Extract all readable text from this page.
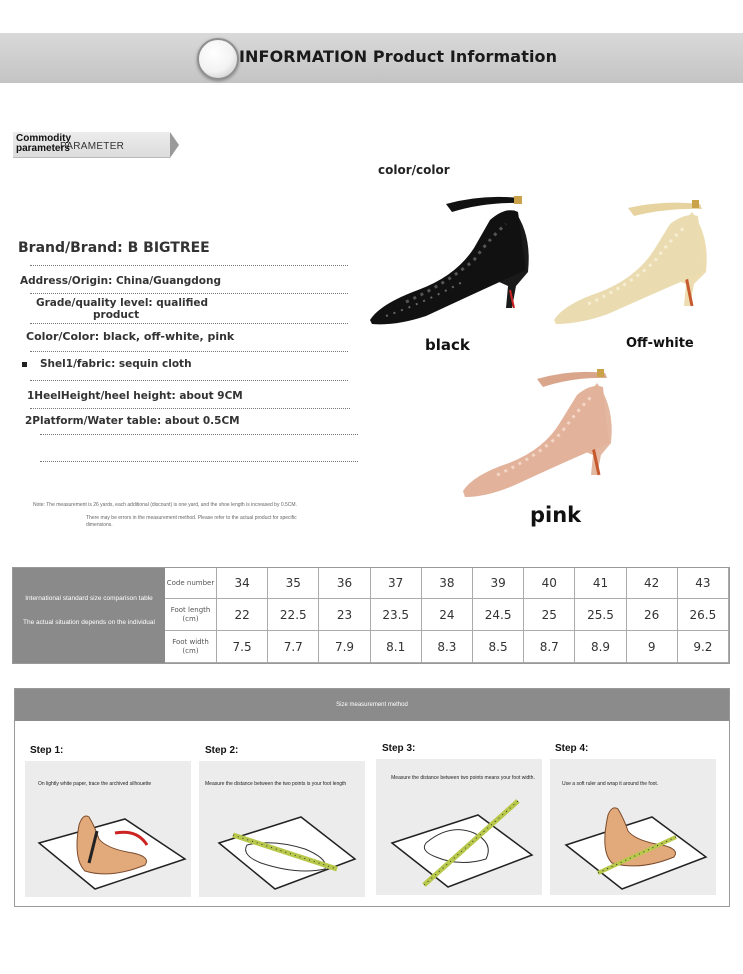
INFORMATION Product Information
PARAMETER
Commodity parameters
Brand/Brand: B BIGTREE
Address/Origin: China/Guangdong
Grade/quality level: qualified
product
Color/Color: black, off-white, pink
Shel1/fabric: sequin cloth
1HeelHeight/heel height: about 9CM
2Platform/Water table: about 0.5CM
Note: The measurement is 26 yards, each additional (discount) is one yard, and the shoe length is increased by 0.5CM.
There may be errors in the measurement method. Please refer to the actual product for specific dimensions.
color/color
black	Off-white
pink
International standard size comparison table
The actual situation depends on the individual
Code number	34	35	36	37	38	39	40	41	42	43
Foot length (cm)	22	22.5	23	23.5	24	24.5	25	25.5	26	26.5
Foot width (cm)	7.5	7.7	7.9	8.1	8.3	8.5	8.7	8.9	9	9.2
Size measurement method
Step 1:
On lightly white paper, trace the archived silhouette
Step 2:
Measure the distance between the two points is your foot length
Step 3:
Measure the distance between two points means your foot width.
Step 4:
Use a soft ruler and wrap it around the foot.
